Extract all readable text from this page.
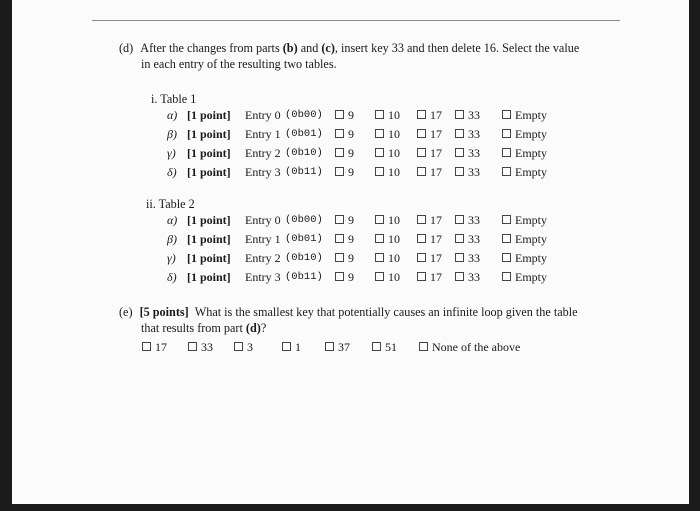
(d) After the changes from parts (b) and (c), insert key 33 and then delete 16. Select the value
in each entry of the resulting two tables.
i. Table 1
α) [1 point] Entry 0 (0b00)	9	10	17	33	Empty
β) [1 point] Entry 1 (0b01)	9	10	17	33	Empty
γ) [1 point] Entry 2 (0b10)	9	10	17	33	Empty
δ) [1 point] Entry 3 (0b11)	9	10	17	33	Empty
ii. Table 2
α) [1 point] Entry 0 (0b00)	9	10	17	33	Empty
β) [1 point] Entry 1 (0b01)	9	10	17	33	Empty
γ) [1 point] Entry 2 (0b10)	9	10	17	33	Empty
δ) [1 point] Entry 3 (0b11)	9	10	17	33	Empty
(e) [5 points] What is the smallest key that potentially causes an infinite loop given the table
that results from part (d)?
17	33	3	1	37	51	None of the above
